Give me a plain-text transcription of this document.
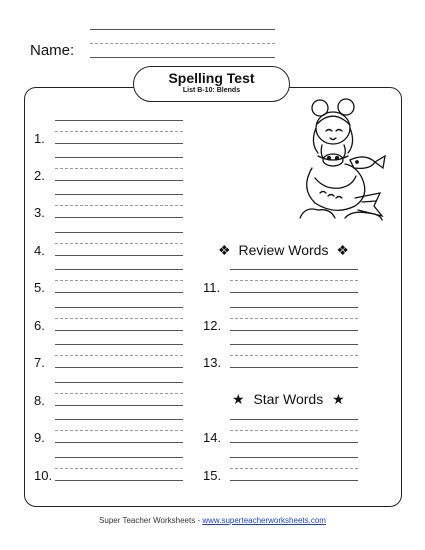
Name:
Spelling Test
List B-10: Blends
1.
2.
3.
4.
5.
6.
7.
8.
9.
10.
11.
12.
13.
14.
15.
❖ Review Words ❖
★ Star Words ★
Super Teacher Worksheets - www.superteacherworksheets.com
